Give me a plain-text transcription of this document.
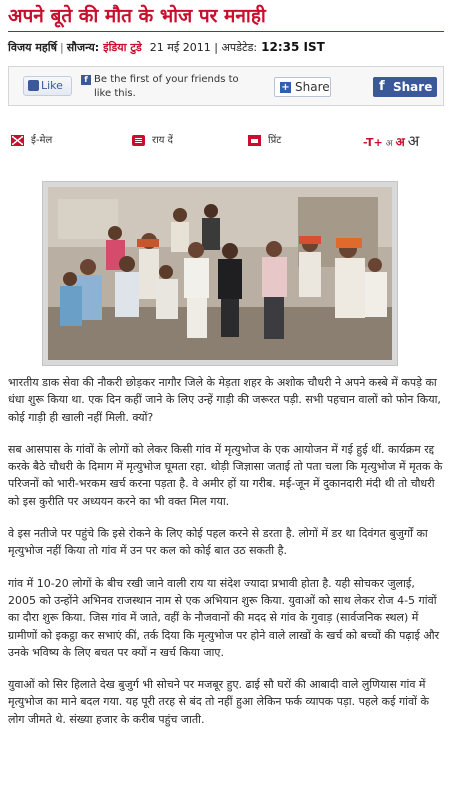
अपने बूते की मौत के भोज पर मनाही
विजय महर्षि | सौजन्य: इंडिया टुडे 21 मई 2011 | अपडेटेड: 12:35 IST
Like	f Be the first of your friends to like this.
+ Share	f Share
ई-मेल	राय दें	प्रिंट	-T+ अ अ अ

भारतीय डाक सेवा की नौकरी छोड़कर नागौर जिले के मेड़ता शहर के अशोक चौधरी ने अपने कस्बे में कपड़े का धंधा शुरू किया था. एक दिन कहीं जाने के लिए उन्हें गाड़ी की जरूरत पड़ी. सभी पहचान वालों को फोन किया, कोई गाड़ी ही खाली नहीं मिली. क्यों?

सब आसपास के गांवों के लोगों को लेकर किसी गांव में मृत्युभोज के एक आयोजन में गई हुई थीं. कार्यक्रम रद्द करके बैठे चौधरी के दिमाग में मृत्युभोज घूमता रहा. थोड़ी जिज्ञासा जताई तो पता चला कि मृत्युभोज में मृतक के परिजनों को भारी-भरकम खर्च करना पड़ता है. वे अमीर हों या गरीब. मई-जून में दुकानदारी मंदी थी तो चौधरी को इस कुरीति पर अध्ययन करने का भी वक्त मिल गया.

वे इस नतीजे पर पहुंचे कि इसे रोकने के लिए कोई पहल करने से डरता है. लोगों में डर था दिवंगत बुजुर्गों का मृत्युभोज नहीं किया तो गांव में उन पर कल को कोई बात उठ सकती है.

गांव में 10-20 लोगों के बीच रखी जाने वाली राय या संदेश ज्यादा प्रभावी होता है. यही सोचकर जुलाई, 2005 को उन्होंने अभिनव राजस्थान नाम से एक अभियान शुरू किया. युवाओं को साथ लेकर रोज 4-5 गांवों का दौरा शुरू किया. जिस गांव में जाते, वहीं के नौजवानों की मदद से गांव के गुवाड़ (सार्वजनिक स्थल) में ग्रामीणों को इकट्ठा कर सभाएं कीं, तर्क दिया कि मृत्युभोज पर होने वाले लाखों के खर्च को बच्चों की पढ़ाई और उनके भविष्य के लिए बचत पर क्यों न खर्च किया जाए.

युवाओं को सिर हिलाते देख बुजुर्ग भी सोचने पर मजबूर हुए. ढाई सौ घरों की आबादी वाले लुणियास गांव में मृत्युभोज का माने बदल गया. यह पूरी तरह से बंद तो नहीं हुआ लेकिन फर्क व्यापक पड़ा. पहले कई गांवों के लोग जीमते थे. संख्या हजार के करीब पहुंच जाती.
